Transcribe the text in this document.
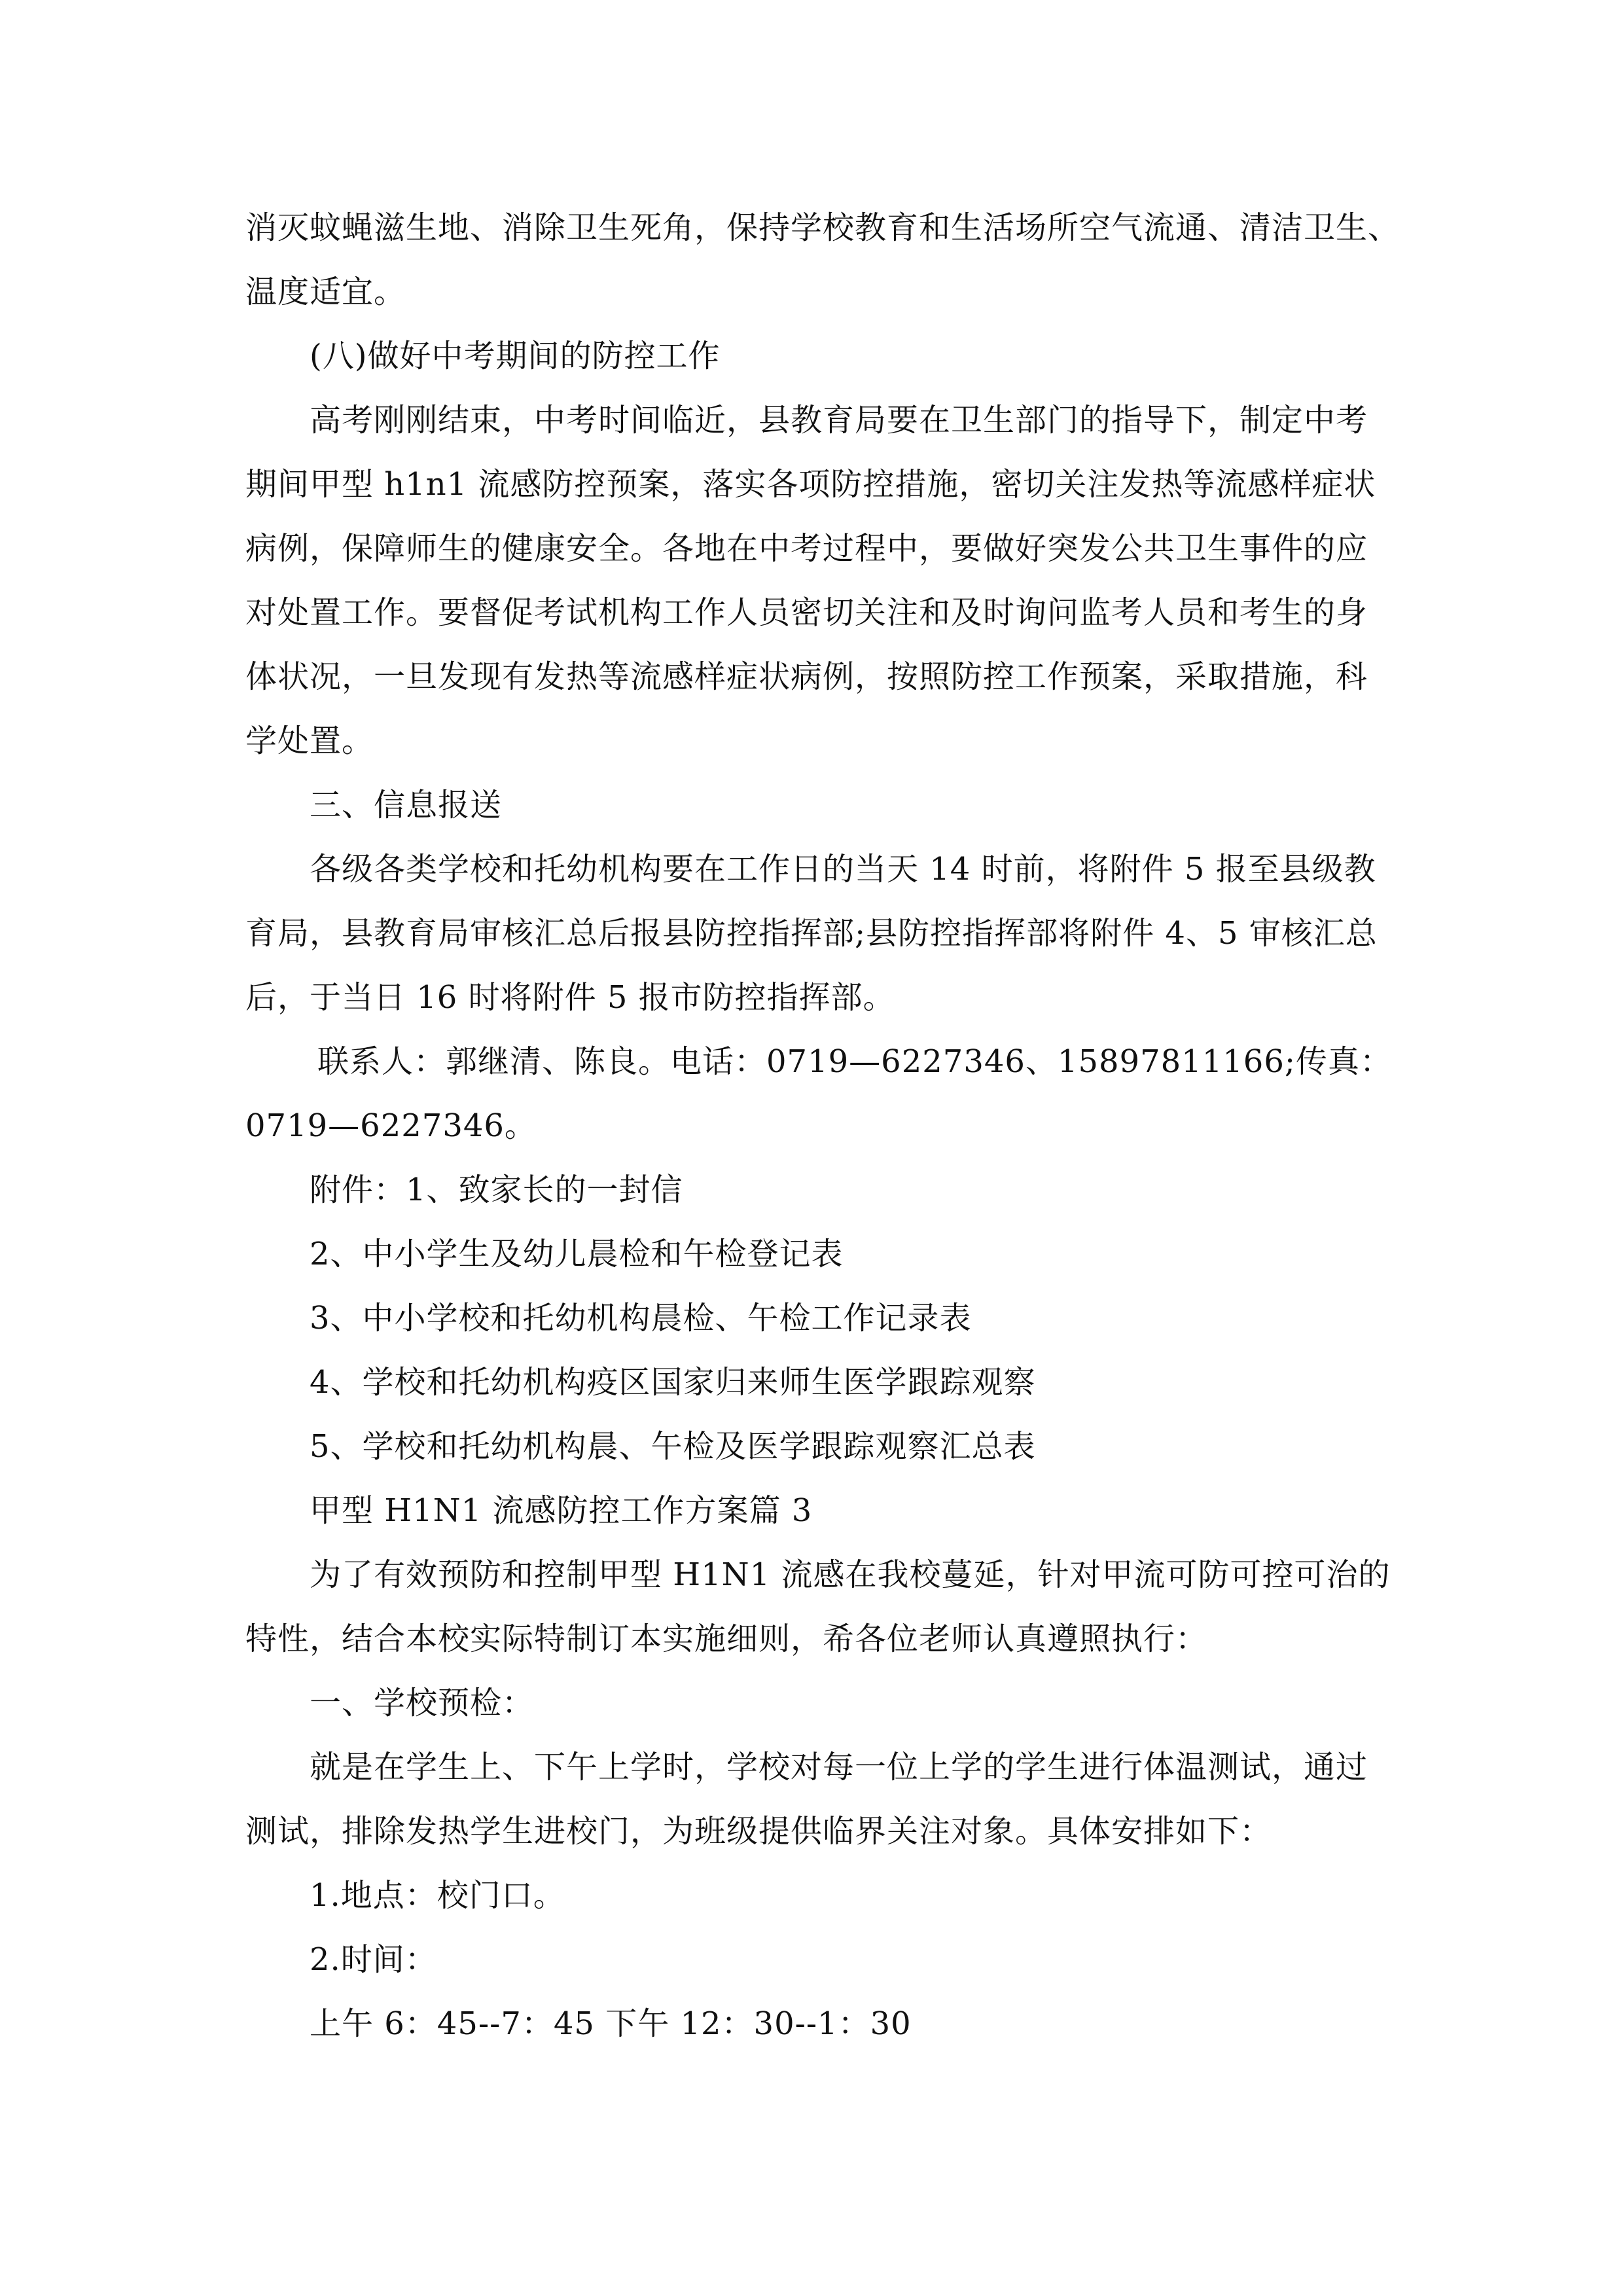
消灭蚊蝇滋生地、消除卫生死角，保持学校教育和生活场所空气流通、清洁卫生、
温度适宜。
(八)做好中考期间的防控工作
高考刚刚结束，中考时间临近，县教育局要在卫生部门的指导下，制定中考
期间甲型 h1n1 流感防控预案，落实各项防控措施，密切关注发热等流感样症状
病例，保障师生的健康安全。各地在中考过程中，要做好突发公共卫生事件的应
对处置工作。要督促考试机构工作人员密切关注和及时询问监考人员和考生的身
体状况，一旦发现有发热等流感样症状病例，按照防控工作预案，采取措施，科
学处置。
三、信息报送
各级各类学校和托幼机构要在工作日的当天 14 时前，将附件 5 报至县级教
育局，县教育局审核汇总后报县防控指挥部;县防控指挥部将附件 4、5 审核汇总
后，于当日 16 时将附件 5 报市防控指挥部。
联系人：郭继清、陈良。电话：0719—6227346、15897811166;传真：
0719—6227346。
附件：1、致家长的一封信
2、中小学生及幼儿晨检和午检登记表
3、中小学校和托幼机构晨检、午检工作记录表
4、学校和托幼机构疫区国家归来师生医学跟踪观察
5、学校和托幼机构晨、午检及医学跟踪观察汇总表
甲型 H1N1 流感防控工作方案篇 3
为了有效预防和控制甲型 H1N1 流感在我校蔓延，针对甲流可防可控可治的
特性，结合本校实际特制订本实施细则，希各位老师认真遵照执行：
一、学校预检：
就是在学生上、下午上学时，学校对每一位上学的学生进行体温测试，通过
测试，排除发热学生进校门，为班级提供临界关注对象。具体安排如下：
1.地点：校门口。
2.时间：
上午 6：45--7：45 下午 12：30--1：30
